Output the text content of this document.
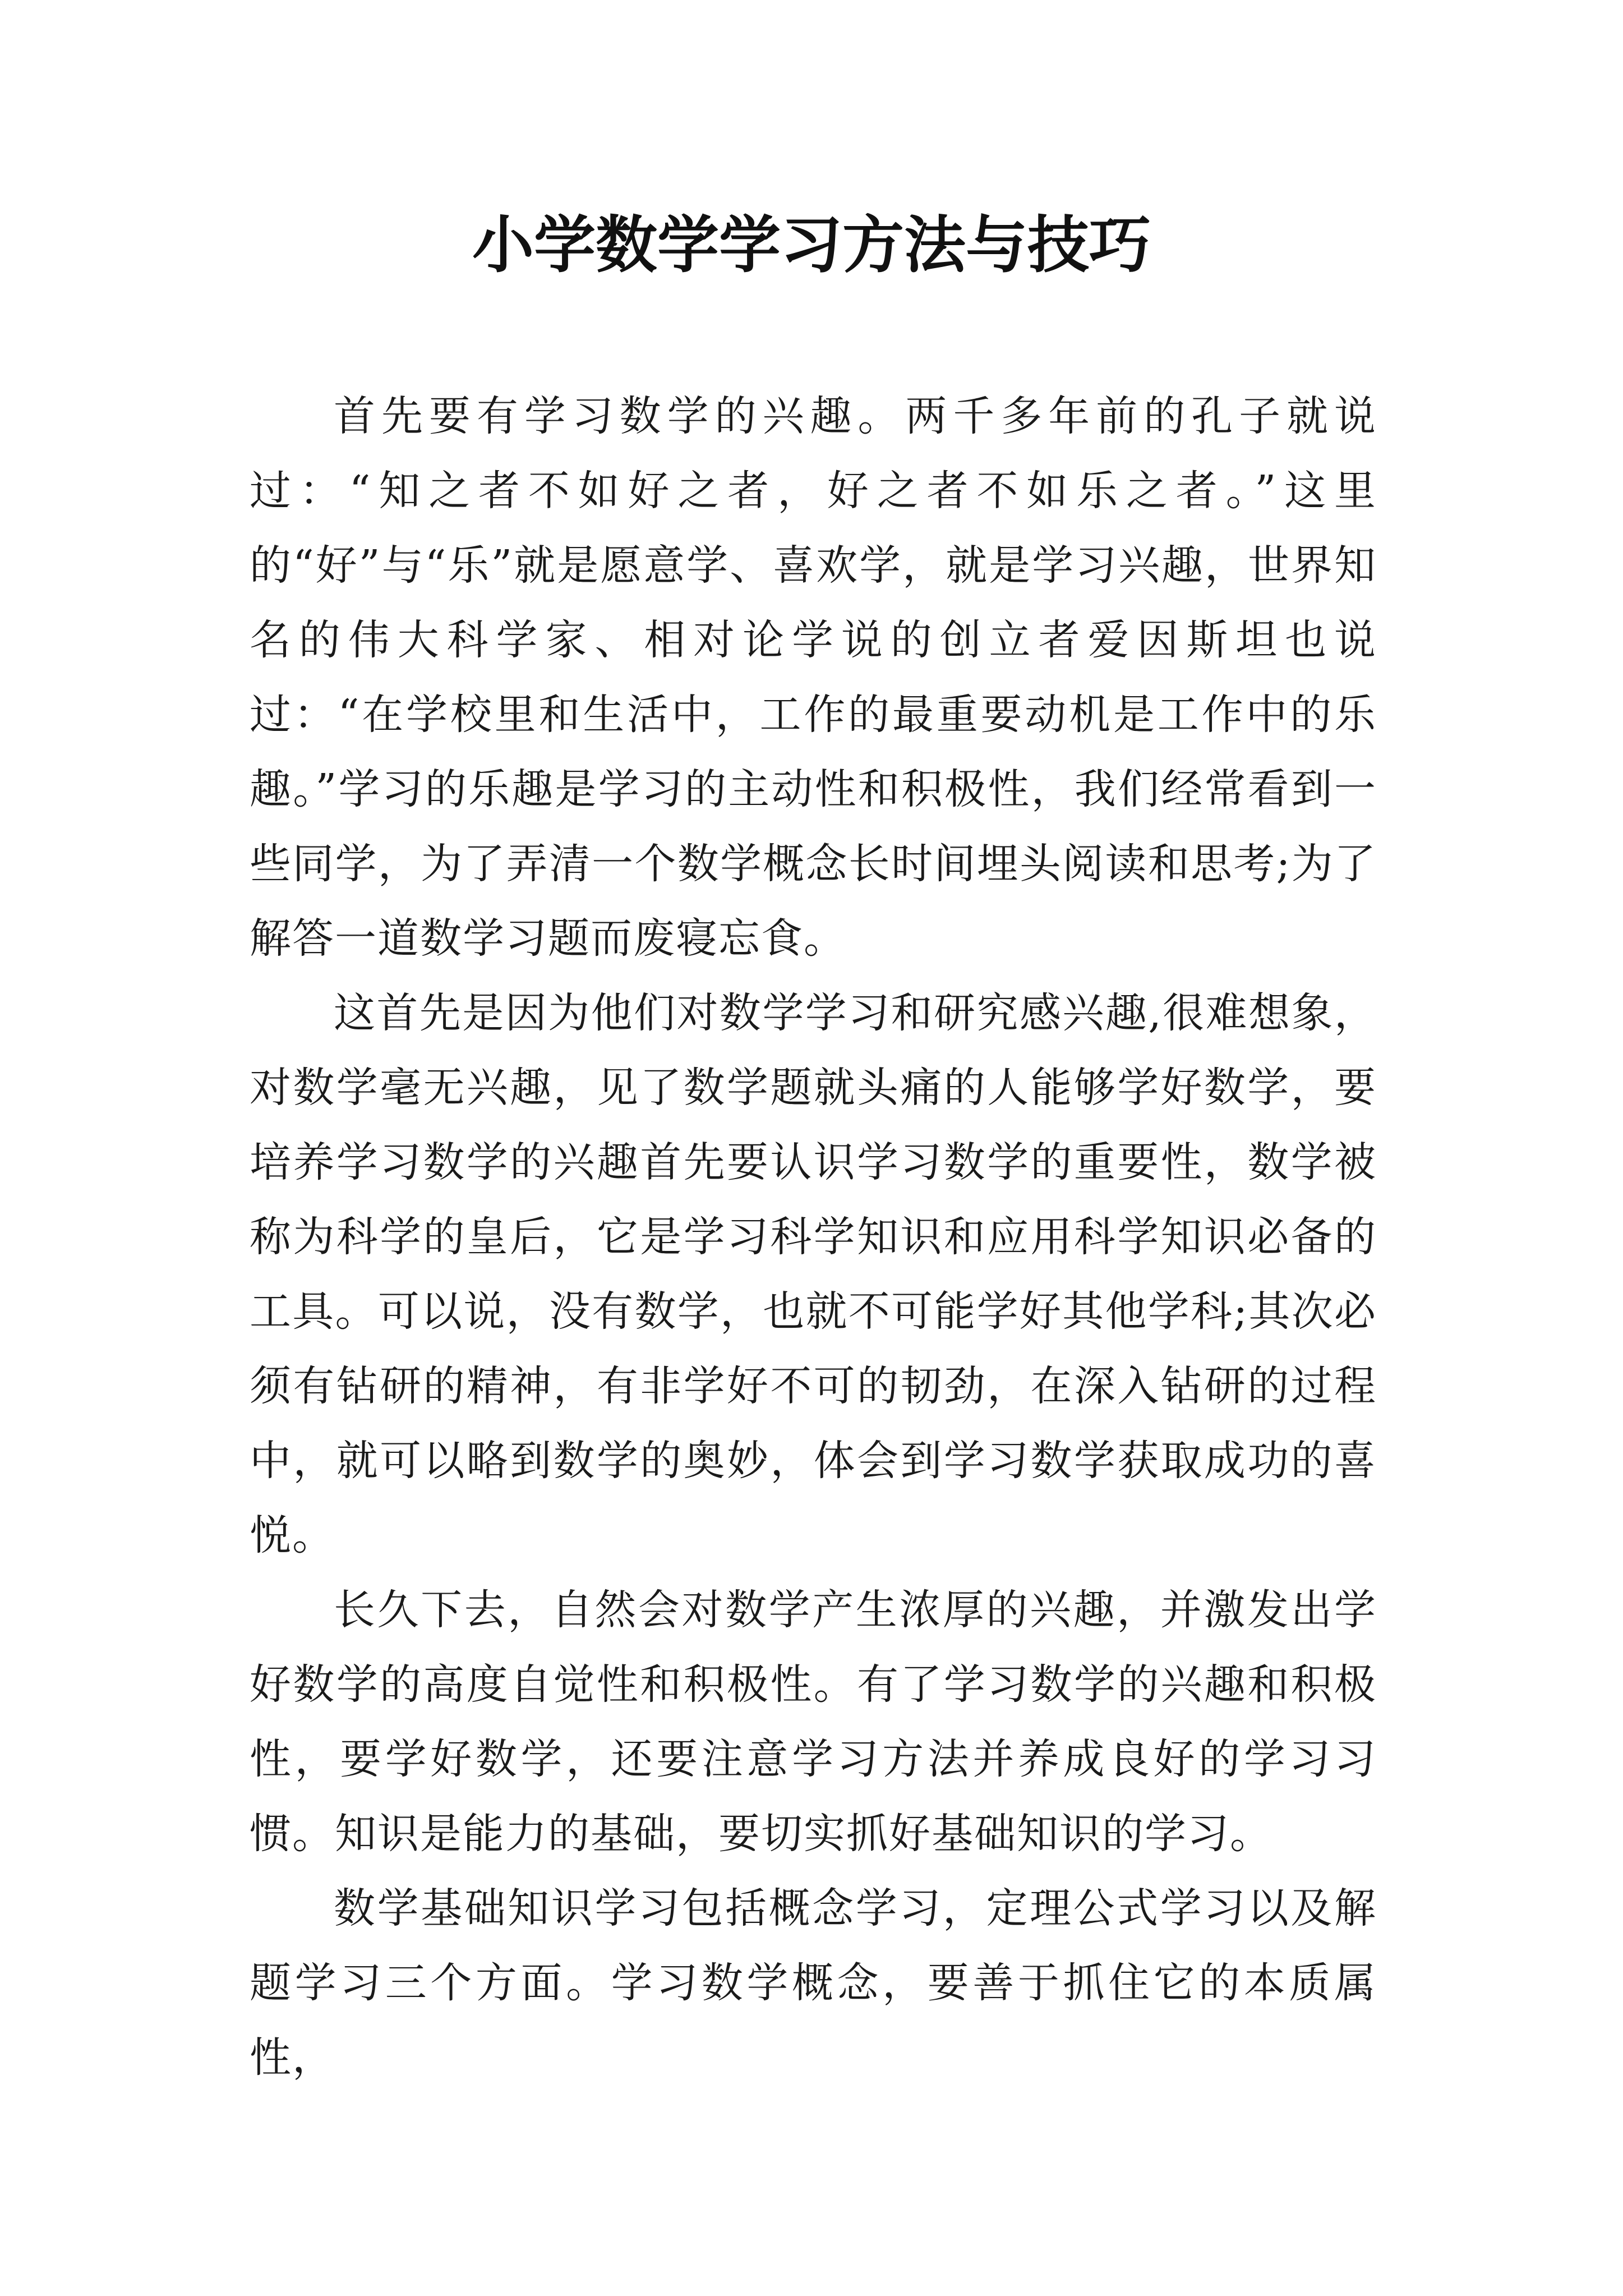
小学数学学习方法与技巧

首先要有学习数学的兴趣。两千多年前的孔子就说过：“知之者不如好之者，好之者不如乐之者。”这里的“好”与“乐”就是愿意学、喜欢学，就是学习兴趣，世界知名的伟大科学家、相对论学说的创立者爱因斯坦也说过：“在学校里和生活中，工作的最重要动机是工作中的乐趣。”学习的乐趣是学习的主动性和积极性，我们经常看到一些同学，为了弄清一个数学概念长时间埋头阅读和思考;为了解答一道数学习题而废寝忘食。

这首先是因为他们对数学学习和研究感兴趣,很难想象，对数学毫无兴趣，见了数学题就头痛的人能够学好数学，要培养学习数学的兴趣首先要认识学习数学的重要性，数学被称为科学的皇后，它是学习科学知识和应用科学知识必备的工具。可以说，没有数学，也就不可能学好其他学科;其次必须有钻研的精神，有非学好不可的韧劲，在深入钻研的过程中，就可以略到数学的奥妙，体会到学习数学获取成功的喜悦。

长久下去，自然会对数学产生浓厚的兴趣，并激发出学好数学的高度自觉性和积极性。有了学习数学的兴趣和积极性，要学好数学，还要注意学习方法并养成良好的学习习惯。知识是能力的基础，要切实抓好基础知识的学习。

数学基础知识学习包括概念学习，定理公式学习以及解题学习三个方面。学习数学概念，要善于抓住它的本质属性，
